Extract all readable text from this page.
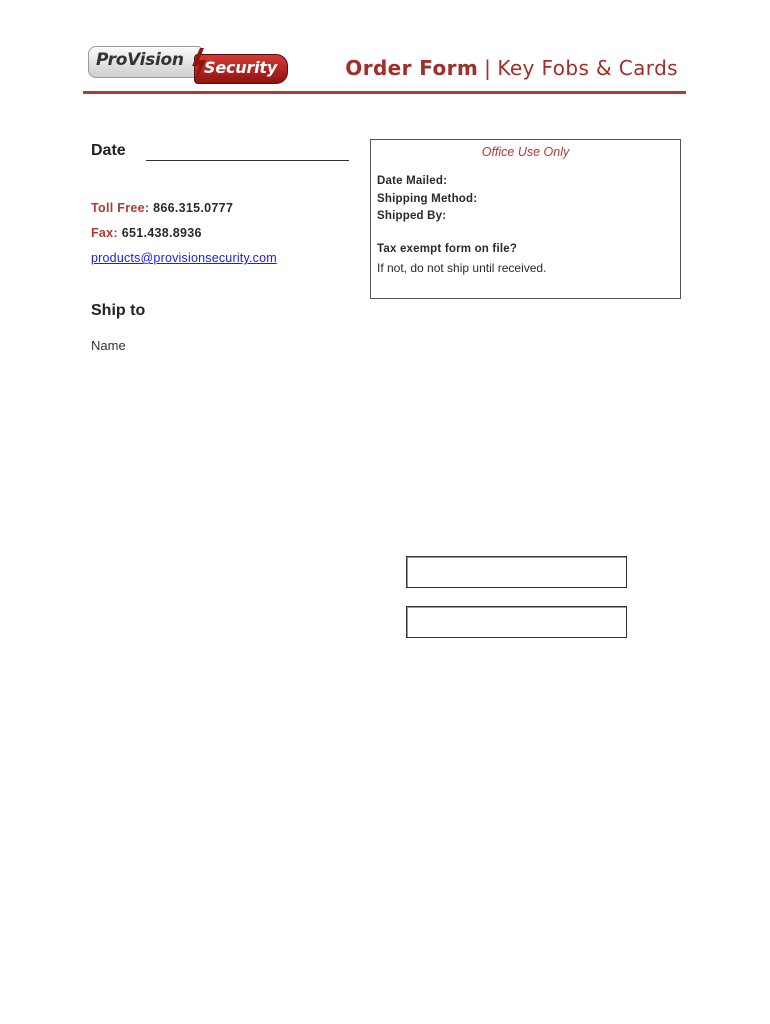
ProVision Security	Order Form | Key Fobs & Cards
Date
Toll Free: 866.315.0777
Fax: 651.438.8936
products@provisionsecurity.com
Ship to
Name
Office Use Only
Date Mailed:
Shipping Method:
Shipped By:
Tax exempt form on file?
If not, do not ship until received.
